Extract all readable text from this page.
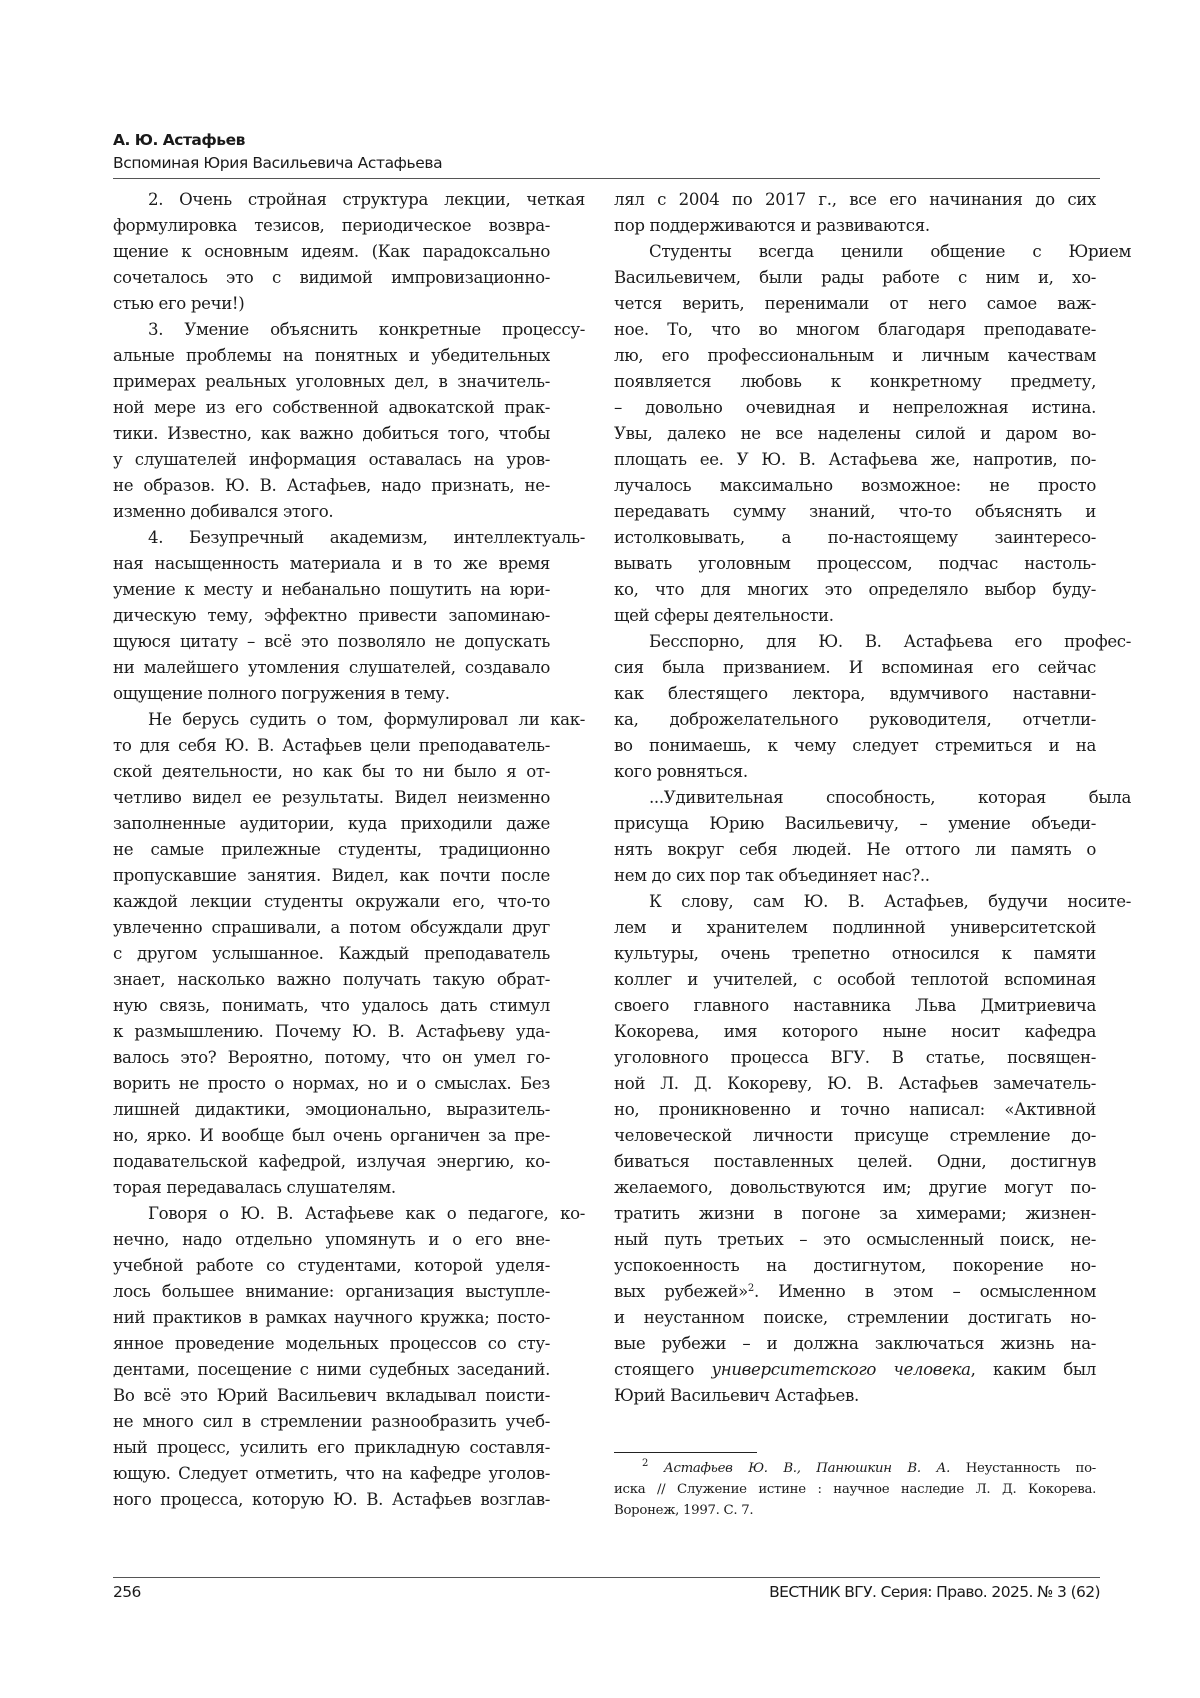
А. Ю. Астафьев
Вспоминая Юрия Васильевича Астафьева
2. Очень стройная структура лекции, четкая
формулировка тезисов, периодическое возвра-
щение к основным идеям. (Как парадоксально
сочеталось это с видимой импровизационно-
стью его речи!)
3. Умение объяснить конкретные процессу-
альные проблемы на понятных и убедительных
примерах реальных уголовных дел, в значитель-
ной мере из его собственной адвокатской прак-
тики. Известно, как важно добиться того, чтобы
у слушателей информация оставалась на уров-
не образов. Ю. В. Астафьев, надо признать, не-
изменно добивался этого.
4. Безупречный академизм, интеллектуаль-
ная насыщенность материала и в то же время
умение к месту и небанально пошутить на юри-
дическую тему, эффектно привести запоминаю-
щуюся цитату – всё это позволяло не допускать
ни малейшего утомления слушателей, создавало
ощущение полного погружения в тему.
Не берусь судить о том, формулировал ли как-
то для себя Ю. В. Астафьев цели преподаватель-
ской деятельности, но как бы то ни было я от-
четливо видел ее результаты. Видел неизменно
заполненные аудитории, куда приходили даже
не самые прилежные студенты, традиционно
пропускавшие занятия. Видел, как почти после
каждой лекции студенты окружали его, что-то
увлеченно спрашивали, а потом обсуждали друг
с другом услышанное. Каждый преподаватель
знает, насколько важно получать такую обрат-
ную связь, понимать, что удалось дать стимул
к размышлению. Почему Ю. В. Астафьеву уда-
валось это? Вероятно, потому, что он умел го-
ворить не просто о нормах, но и о смыслах. Без
лишней дидактики, эмоционально, выразитель-
но, ярко. И вообще был очень органичен за пре-
подавательской кафедрой, излучая энергию, ко-
торая передавалась слушателям.
Говоря о Ю. В. Астафьеве как о педагоге, ко-
нечно, надо отдельно упомянуть и о его вне-
учебной работе со студентами, которой уделя-
лось большее внимание: организация выступле-
ний практиков в рамках научного кружка; посто-
янное проведение модельных процессов со сту-
дентами, посещение с ними судебных заседаний.
Во всё это Юрий Васильевич вкладывал поисти-
не много сил в стремлении разнообразить учеб-
ный процесс, усилить его прикладную составля-
ющую. Следует отметить, что на кафедре уголов-
ного процесса, которую Ю. В. Астафьев возглав-
лял с 2004 по 2017 г., все его начинания до сих
пор поддерживаются и развиваются.
Студенты всегда ценили общение с Юрием
Васильевичем, были рады работе с ним и, хо-
чется верить, перенимали от него самое важ-
ное. То, что во многом благодаря преподавате-
лю, его профессиональным и личным качествам
появляется любовь к конкретному предмету,
– довольно очевидная и непреложная истина.
Увы, далеко не все наделены силой и даром во-
площать ее. У Ю. В. Астафьева же, напротив, по-
лучалось максимально возможное: не просто
передавать сумму знаний, что-то объяснять и
истолковывать, а по-настоящему заинтересо-
вывать уголовным процессом, подчас настоль-
ко, что для многих это определяло выбор буду-
щей сферы деятельности.
Бесспорно, для Ю. В. Астафьева его профес-
сия была призванием. И вспоминая его сейчас
как блестящего лектора, вдумчивого наставни-
ка, доброжелательного руководителя, отчетли-
во понимаешь, к чему следует стремиться и на
кого ровняться.
...Удивительная способность, которая была
присуща Юрию Васильевичу, – умение объеди-
нять вокруг себя людей. Не оттого ли память о
нем до сих пор так объединяет нас?..
К слову, сам Ю. В. Астафьев, будучи носите-
лем и хранителем подлинной университетской
культуры, очень трепетно относился к памяти
коллег и учителей, с особой теплотой вспоминая
своего главного наставника Льва Дмитриевича
Кокорева, имя которого ныне носит кафедра
уголовного процесса ВГУ. В статье, посвящен-
ной Л. Д. Кокореву, Ю. В. Астафьев замечатель-
но, проникновенно и точно написал: «Активной
человеческой личности присуще стремление до-
биваться поставленных целей. Одни, достигнув
желаемого, довольствуются им; другие могут по-
тратить жизни в погоне за химерами; жизнен-
ный путь третьих – это осмысленный поиск, не-
успокоенность на достигнутом, покорение но-
вых рубежей»$^2$. Именно в этом – осмысленном
и неустанном поиске, стремлении достигать но-
вые рубежи – и должна заключаться жизнь на-
стоящего университетского человека, каким был
Юрий Васильевич Астафьев.
$^2$ Астафьев Ю. В., Панюшкин В. А. Неустанность по-
иска // Служение истине : научное наследие Л. Д. Кокорева.
Воронеж, 1997. С. 7.
256	ВЕСТНИК ВГУ. Серия: Право. 2025. № 3 (62)
